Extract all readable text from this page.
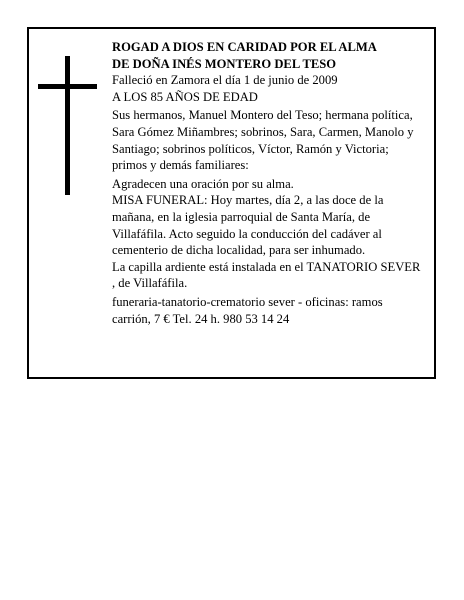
ROGAD A DIOS EN CARIDAD POR EL ALMA

DE DOÑA INÉS MONTERO DEL TESO

Falleció en Zamora el día 1 de junio de 2009

A LOS 85 AÑOS DE EDAD

Sus hermanos, Manuel Montero del Teso; hermana política, Sara Gómez Miñambres; sobrinos, Sara, Carmen, Manolo y Santiago; sobrinos políticos, Víctor, Ramón y Victoria; primos y demás familiares:

Agradecen una oración por su alma.

MISA FUNERAL: Hoy martes, día 2, a las doce de la mañana, en la iglesia parroquial de Santa María, de Villafáfila. Acto seguido la conducción del cadáver al cementerio de dicha localidad, para ser inhumado.

La capilla ardiente está instalada en el TANATORIO SEVER , de Villafáfila.

funeraria-tanatorio-crematorio sever - oficinas: ramos carrión, 7 € Tel. 24 h. 980 53 14 24
